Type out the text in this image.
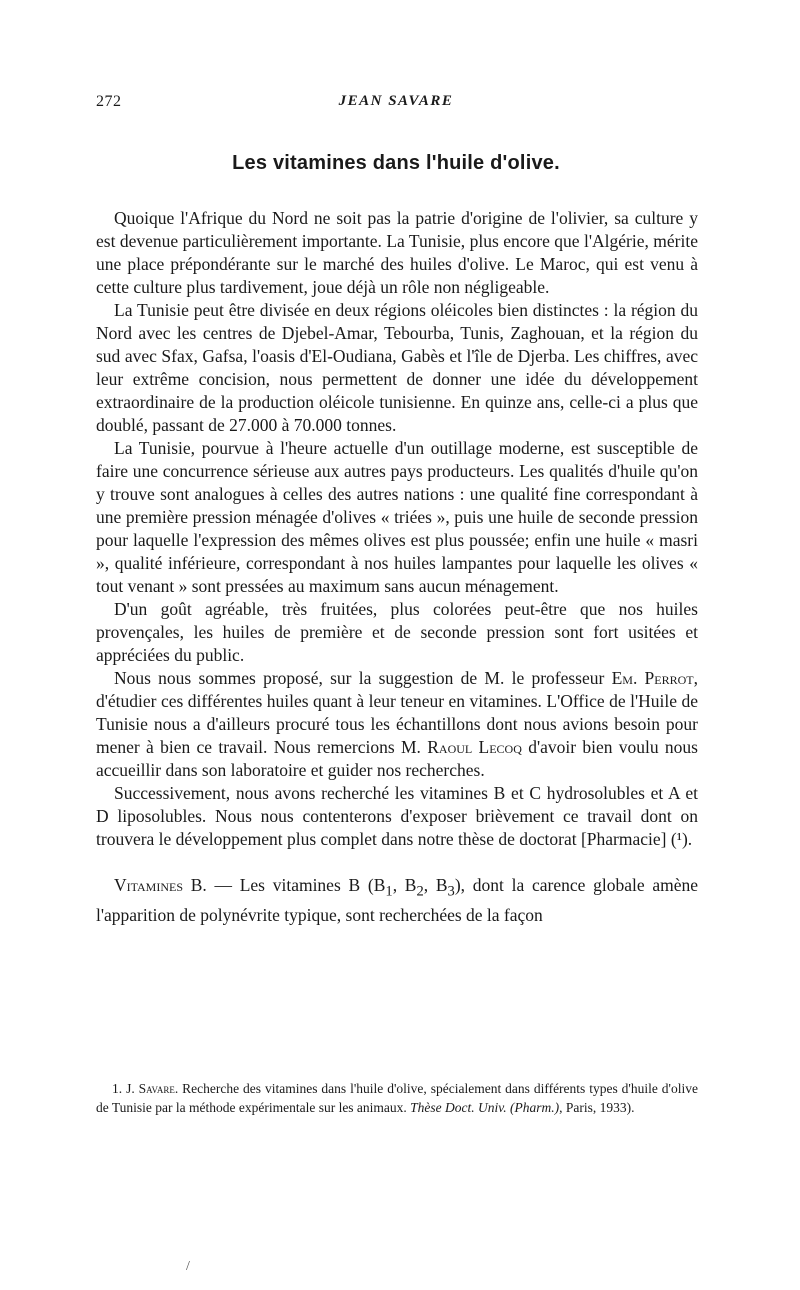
272	JEAN SAVARE
Les vitamines dans l'huile d'olive.

Quoique l'Afrique du Nord ne soit pas la patrie d'origine de l'olivier, sa culture y est devenue particulièrement importante. La Tunisie, plus encore que l'Algérie, mérite une place prépondérante sur le marché des huiles d'olive. Le Maroc, qui est venu à cette culture plus tardivement, joue déjà un rôle non négligeable.

La Tunisie peut être divisée en deux régions oléicoles bien distinctes : la région du Nord avec les centres de Djebel-Amar, Tebourba, Tunis, Zaghouan, et la région du sud avec Sfax, Gafsa, l'oasis d'El-Oudiana, Gabès et l'île de Djerba. Les chiffres, avec leur extrême concision, nous permettent de donner une idée du développement extraordinaire de la production oléicole tunisienne. En quinze ans, celle-ci a plus que doublé, passant de 27.000 à 70.000 tonnes.

La Tunisie, pourvue à l'heure actuelle d'un outillage moderne, est susceptible de faire une concurrence sérieuse aux autres pays producteurs. Les qualités d'huile qu'on y trouve sont analogues à celles des autres nations : une qualité fine correspondant à une première pression ménagée d'olives « triées », puis une huile de seconde pression pour laquelle l'expression des mêmes olives est plus poussée; enfin une huile « masri », qualité inférieure, correspondant à nos huiles lampantes pour laquelle les olives « tout venant » sont pressées au maximum sans aucun ménagement.

D'un goût agréable, très fruitées, plus colorées peut-être que nos huiles provençales, les huiles de première et de seconde pression sont fort usitées et appréciées du public.

Nous nous sommes proposé, sur la suggestion de M. le professeur Em. Perrot, d'étudier ces différentes huiles quant à leur teneur en vitamines. L'Office de l'Huile de Tunisie nous a d'ailleurs procuré tous les échantillons dont nous avions besoin pour mener à bien ce travail. Nous remercions M. Raoul Lecoq d'avoir bien voulu nous accueillir dans son laboratoire et guider nos recherches.

Successivement, nous avons recherché les vitamines B et C hydrosolubles et A et D liposolubles. Nous nous contenterons d'exposer brièvement ce travail dont on trouvera le développement plus complet dans notre thèse de doctorat [Pharmacie] (¹).

Vitamines B. — Les vitamines B ($B_1$, $B_2$, $B_3$), dont la carence globale amène l'apparition de polynévrite typique, sont recherchées de la façon

1. J. Savare. Recherche des vitamines dans l'huile d'olive, spécialement dans différents types d'huile d'olive de Tunisie par la méthode expérimentale sur les animaux. Thèse Doct. Univ. (Pharm.), Paris, 1933).

/
